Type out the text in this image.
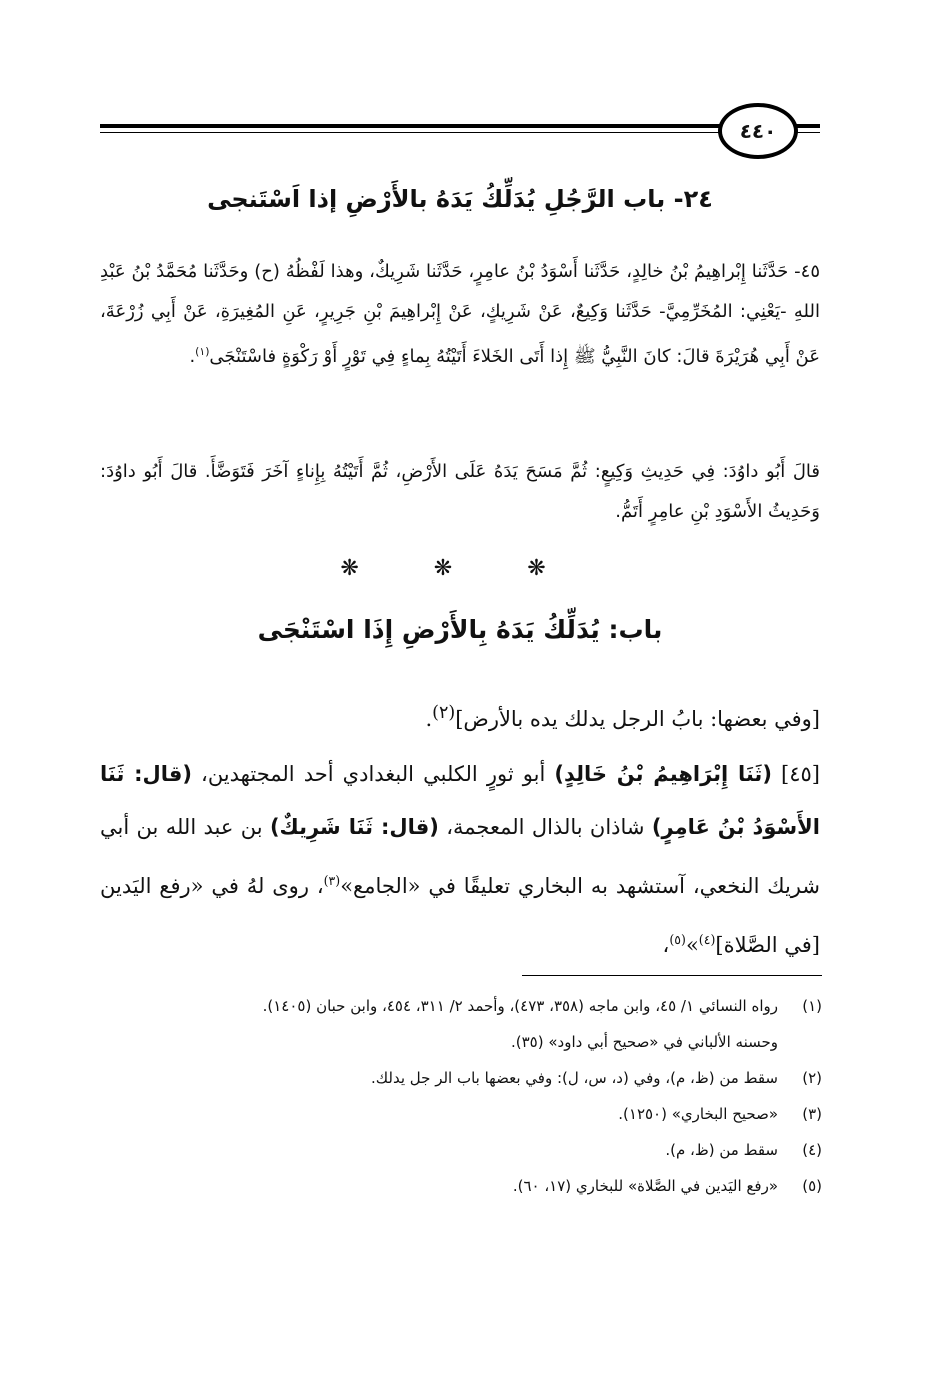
٤٤٠
٢٤- باب الرَّجُلِ يُدَلِّكُ يَدَهُ بالأَرْضِ إذا اَسْتَنجى
٤٥- حَدَّثَنا إِبْراهِيمُ بْنُ خالِدٍ، حَدَّثَنا أَسْوَدُ بْنُ عامِرٍ، حَدَّثَنا شَرِيكٌ، وهذا لَفْظُهُ (ح) وحَدَّثَنا مُحَمَّدُ بْنُ عَبْدِ اللهِ -يَعْنِي: المُخَرِّمِيَّ- حَدَّثَنا وَكِيعٌ، عَنْ شَرِيكٍ، عَنْ إِبْراهِيمَ بْنِ جَرِيرٍ، عَنِ المُغِيرَةِ، عَنْ أَبِي زُرْعَةَ، عَنْ أَبِي هُرَيْرَةَ قالَ: كانَ النَّبِيُّ ﷺ إِذا أَتَى الخَلاءَ أَتَيْتُهُ بِماءٍ فِي تَوْرٍ أَوْ رَكْوَةٍ فاسْتَنْجَى$^{(١)}$.
قالَ أَبُو داوُدَ: فِي حَدِيثِ وَكِيعٍ: ثُمَّ مَسَحَ يَدَهُ عَلَى الأَرْضِ، ثُمَّ أَتَيْتُهُ بِإِناءٍ آخَرَ فَتَوَضَّأَ. قالَ أَبُو داوُدَ: وَحَدِيثُ الأَسْوَدِ بْنِ عامِرٍ أَتَمُّ.
❋ ❋ ❋
باب: يُدَلِّكُ يَدَهُ بِالأَرْضِ إِذَا اسْتَنْجَى
[وفي بعضها: بابُ الرجل يدلك يده بالأرض]$^{(٢)}$.
[٤٥] (ثَنَا إِبْرَاهِيمُ بْنُ خَالِدٍ) أبو ثورٍ الكلبي البغدادي أحد المجتهدين، (قال: ثَنَا الأَسْوَدُ بْنُ عَامِرٍ) شاذان بالذال المعجمة، (قال: ثَنَا شَرِيكٌ) بن عبد الله بن أبي شريك النخعي، آستشهد به البخاري تعليقًا في «الجامع»$^{(٣)}$، روى لهُ في «رفع اليَدين [في الصَّلاة]$^{(٤)}$»$^{(٥)}$،
(١)
رواه النسائي ١/ ٤٥، وابن ماجه (٣٥٨، ٤٧٣)، وأحمد ٢/ ٣١١، ٤٥٤، وابن حبان (١٤٠٥).
وحسنه الألباني في «صحيح أبي داود» (٣٥).
(٢)
سقط من (ظ، م)، وفي (د، س، ل): وفي بعضها باب الر جل يدلك.
(٣)
«صحيح البخاري» (١٢٥٠).
(٤)
سقط من (ظ، م).
(٥)
«رفع اليَدين في الصَّلاة» للبخاري (١٧، ٦٠).
